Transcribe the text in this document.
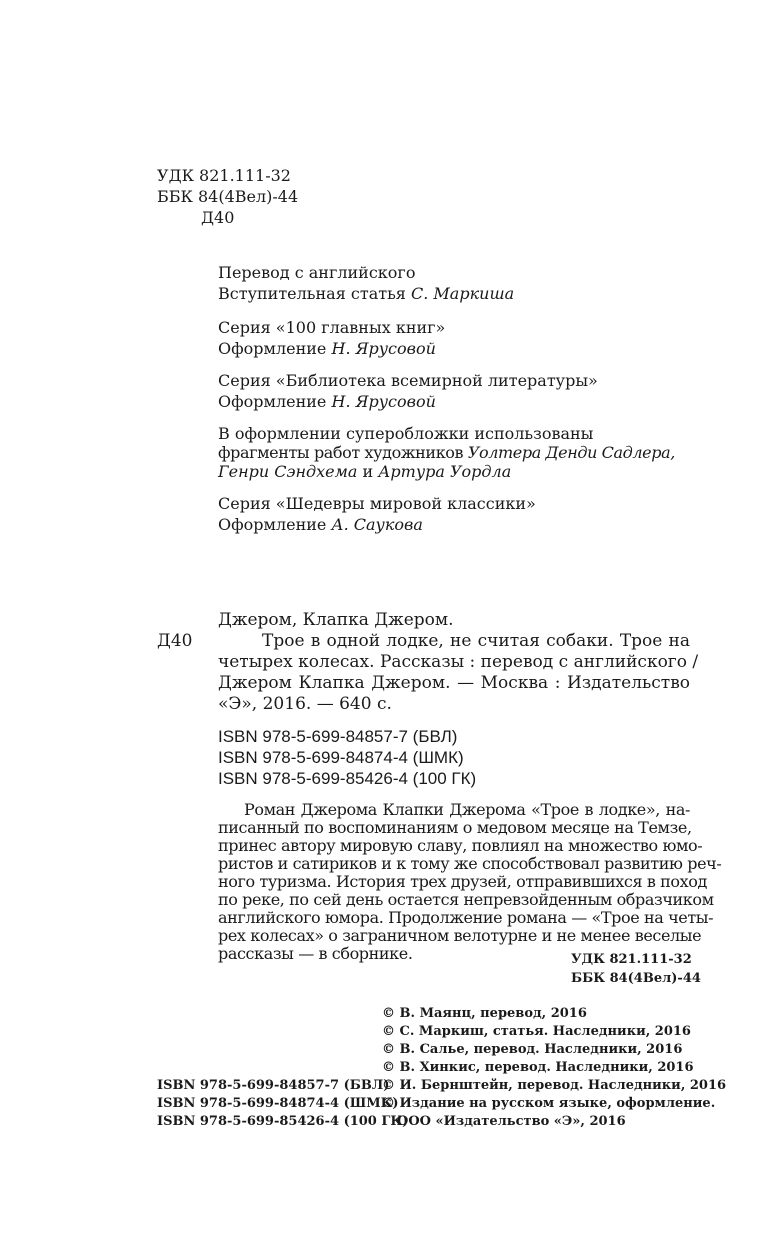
УДК 821.111-32
ББК 84(4Вел)-44
Д40
Перевод с английского
Вступительная статья С. Маркиша
Серия «100 главных книг»
Оформление Н. Ярусовой
Серия «Библиотека всемирной литературы»
Оформление Н. Ярусовой
В оформлении суперобложки использованы
фрагменты работ художников Уолтера Денди Садлера,
Генри Сэндхема и Артура Уордла
Серия «Шедевры мировой классики»
Оформление А. Саукова
Джером, Клапка Джером.
Д40	Трое в одной лодке, не считая собаки. Трое на
четырех колесах. Рассказы : перевод с английского /
Джером Клапка Джером. — Москва : Издательство
«Э», 2016. — 640 с.
ISBN 978-5-699-84857-7 (БВЛ)
ISBN 978-5-699-84874-4 (ШМК)
ISBN 978-5-699-85426-4 (100 ГК)
Роман Джерома Клапки Джерома «Трое в лодке», на-
писанный по воспоминаниям о медовом месяце на Темзе,
принес автору мировую славу, повлиял на множество юмо-
ристов и сатириков и к тому же способствовал развитию реч-
ного туризма. История трех друзей, отправившихся в поход
по реке, по сей день остается непревзойденным образчиком
английского юмора. Продолжение романа — «Трое на четы-
рех колесах» о заграничном велотурне и не менее веселые
рассказы — в сборнике.	УДК 821.111-32
ББК 84(4Вел)-44
© В. Маянц, перевод, 2016
© С. Маркиш, статья. Наследники, 2016
© В. Салье, перевод. Наследники, 2016
© В. Хинкис, перевод. Наследники, 2016
© И. Бернштейн, перевод. Наследники, 2016
© Издание на русском языке, оформление.
ООО «Издательство «Э», 2016
ISBN 978-5-699-84857-7 (БВЛ)
ISBN 978-5-699-84874-4 (ШМК)
ISBN 978-5-699-85426-4 (100 ГК)
